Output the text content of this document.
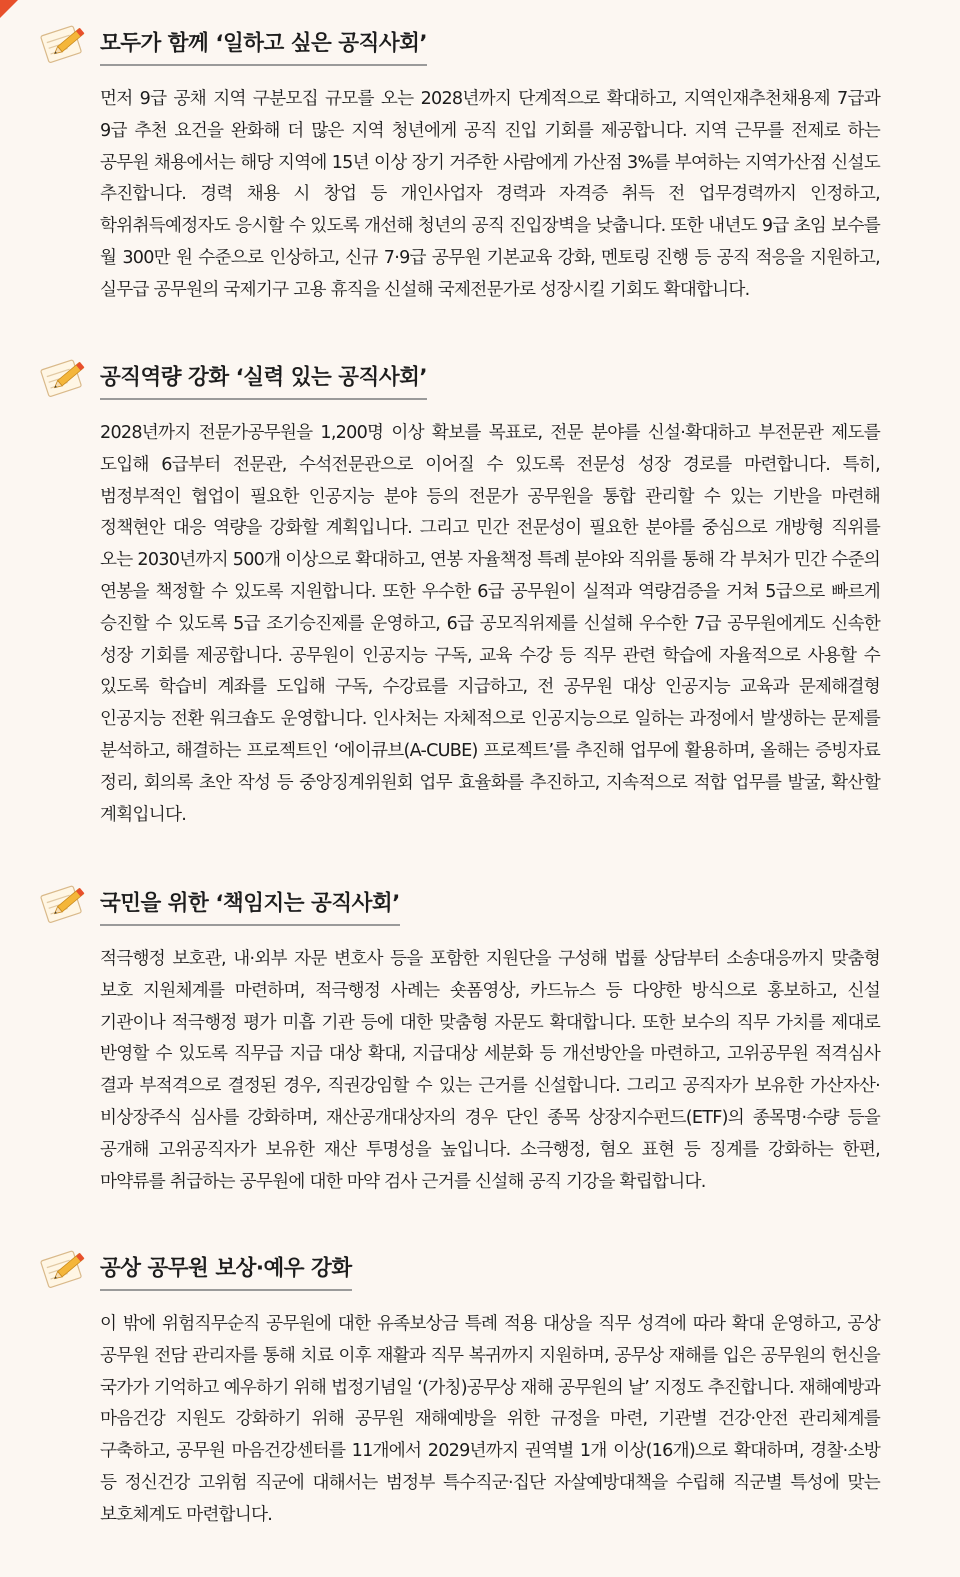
모두가 함께 ‘일하고 싶은 공직사회’

먼저 9급 공채 지역 구분모집 규모를 오는 2028년까지 단계적으로 확대하고, 지역인재추천채용제 7급과 9급 추천 요건을 완화해 더 많은 지역 청년에게 공직 진입 기회를 제공합니다. 지역 근무를 전제로 하는 공무원 채용에서는 해당 지역에 15년 이상 장기 거주한 사람에게 가산점 3%를 부여하는 지역가산점 신설도 추진합니다. 경력 채용 시 창업 등 개인사업자 경력과 자격증 취득 전 업무경력까지 인정하고, 학위취득예정자도 응시할 수 있도록 개선해 청년의 공직 진입장벽을 낮춥니다. 또한 내년도 9급 초임 보수를 월 300만 원 수준으로 인상하고, 신규 7·9급 공무원 기본교육 강화, 멘토링 진행 등 공직 적응을 지원하고, 실무급 공무원의 국제기구 고용 휴직을 신설해 국제전문가로 성장시킬 기회도 확대합니다.

공직역량 강화 ‘실력 있는 공직사회’

2028년까지 전문가공무원을 1,200명 이상 확보를 목표로, 전문 분야를 신설·확대하고 부전문관 제도를 도입해 6급부터 전문관, 수석전문관으로 이어질 수 있도록 전문성 성장 경로를 마련합니다. 특히, 범정부적인 협업이 필요한 인공지능 분야 등의 전문가 공무원을 통합 관리할 수 있는 기반을 마련해 정책현안 대응 역량을 강화할 계획입니다. 그리고 민간 전문성이 필요한 분야를 중심으로 개방형 직위를 오는 2030년까지 500개 이상으로 확대하고, 연봉 자율책정 특례 분야와 직위를 통해 각 부처가 민간 수준의 연봉을 책정할 수 있도록 지원합니다. 또한 우수한 6급 공무원이 실적과 역량검증을 거쳐 5급으로 빠르게 승진할 수 있도록 5급 조기승진제를 운영하고, 6급 공모직위제를 신설해 우수한 7급 공무원에게도 신속한 성장 기회를 제공합니다. 공무원이 인공지능 구독, 교육 수강 등 직무 관련 학습에 자율적으로 사용할 수 있도록 학습비 계좌를 도입해 구독, 수강료를 지급하고, 전 공무원 대상 인공지능 교육과 문제해결형 인공지능 전환 워크숍도 운영합니다. 인사처는 자체적으로 인공지능으로 일하는 과정에서 발생하는 문제를 분석하고, 해결하는 프로젝트인 ‘에이큐브(A-CUBE) 프로젝트’를 추진해 업무에 활용하며, 올해는 증빙자료 정리, 회의록 초안 작성 등 중앙징계위원회 업무 효율화를 추진하고, 지속적으로 적합 업무를 발굴, 확산할 계획입니다.

국민을 위한 ‘책임지는 공직사회’

적극행정 보호관, 내·외부 자문 변호사 등을 포함한 지원단을 구성해 법률 상담부터 소송대응까지 맞춤형 보호 지원체계를 마련하며, 적극행정 사례는 숏폼영상, 카드뉴스 등 다양한 방식으로 홍보하고, 신설 기관이나 적극행정 평가 미흡 기관 등에 대한 맞춤형 자문도 확대합니다. 또한 보수의 직무 가치를 제대로 반영할 수 있도록 직무급 지급 대상 확대, 지급대상 세분화 등 개선방안을 마련하고, 고위공무원 적격심사 결과 부적격으로 결정된 경우, 직권강임할 수 있는 근거를 신설합니다. 그리고 공직자가 보유한 가산자산·비상장주식 심사를 강화하며, 재산공개대상자의 경우 단인 종목 상장지수펀드(ETF)의 종목명·수량 등을 공개해 고위공직자가 보유한 재산 투명성을 높입니다. 소극행정, 혐오 표현 등 징계를 강화하는 한편, 마약류를 취급하는 공무원에 대한 마약 검사 근거를 신설해 공직 기강을 확립합니다.

공상 공무원 보상·예우 강화

이 밖에 위험직무순직 공무원에 대한 유족보상금 특례 적용 대상을 직무 성격에 따라 확대 운영하고, 공상 공무원 전담 관리자를 통해 치료 이후 재활과 직무 복귀까지 지원하며, 공무상 재해를 입은 공무원의 헌신을 국가가 기억하고 예우하기 위해 법정기념일 ‘(가칭)공무상 재해 공무원의 날’ 지정도 추진합니다. 재해예방과 마음건강 지원도 강화하기 위해 공무원 재해예방을 위한 규정을 마련, 기관별 건강·안전 관리체계를 구축하고, 공무원 마음건강센터를 11개에서 2029년까지 권역별 1개 이상(16개)으로 확대하며, 경찰·소방 등 정신건강 고위험 직군에 대해서는 범정부 특수직군·집단 자살예방대책을 수립해 직군별 특성에 맞는 보호체계도 마련합니다.
